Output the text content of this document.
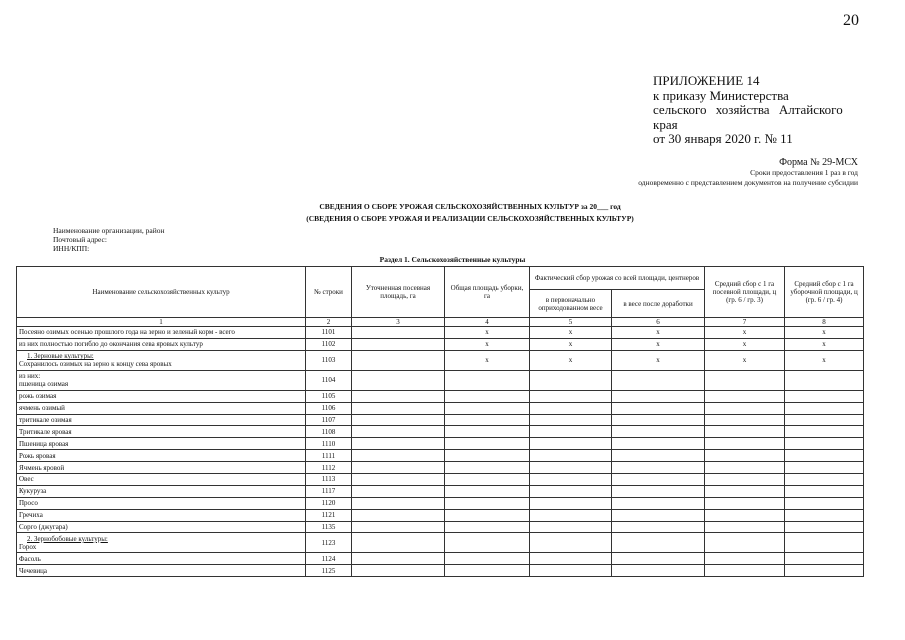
20
ПРИЛОЖЕНИЕ 14
к приказу Министерства
сельского хозяйства Алтайского
края
от 30 января 2020 г. № 11
Форма № 29-МСХ
Сроки предоставления 1 раз в год
одновременно с представлением документов на получение субсидии
СВЕДЕНИЯ О СБОРЕ УРОЖАЯ СЕЛЬСКОХОЗЯЙСТВЕННЫХ КУЛЬТУР за 20___ год
(СВЕДЕНИЯ О СБОРЕ УРОЖАЯ И РЕАЛИЗАЦИИ СЕЛЬСКОХОЗЯЙСТВЕННЫХ КУЛЬТУР)
Наименование организации, район
Почтовый адрес:
ИНН/КПП:
Раздел 1. Сельскохозяйственные культуры
Наименование сельскохозяйственных культур	№ строки	Уточненная посевная площадь, га	Общая площадь уборки, га	Фактический сбор урожая со всей площади, центнеров		Средний сбор с 1 га посевной площади, ц (гр. 6 / гр. 3)	Средний сбор с 1 га уборочной площади, ц (гр. 6 / гр. 4)
				в первоначально оприходованном весе	в весе после доработки		
1	2	3	4	5	6	7	8

Посеяно озимых осенью прошлого года на зерно и зеленый корм - всего	1101		х	х	х	х	х

из них полностью погибло до окончания сева яровых культур	1102		х	х	х	х	х

1. Зерновые культуры:
Сохранилось озимых на зерно к концу сева яровых	1103		х	х	х	х	х

из них:
пшеница озимая	1104						

рожь озимая	1105						

ячмень озимый	1106						

тритикале озимая	1107						

Тритикале яровая	1108						

Пшеница яровая	1110						

Рожь яровая	1111						

Ячмень яровой	1112						

Овес	1113						

Кукуруза	1117						

Просо	1120						

Гречиха	1121						

Сорго (джугара)	1135						

2. Зернобобовые культуры:
Горох	1123						

Фасоль	1124						

Чечевица	1125						
